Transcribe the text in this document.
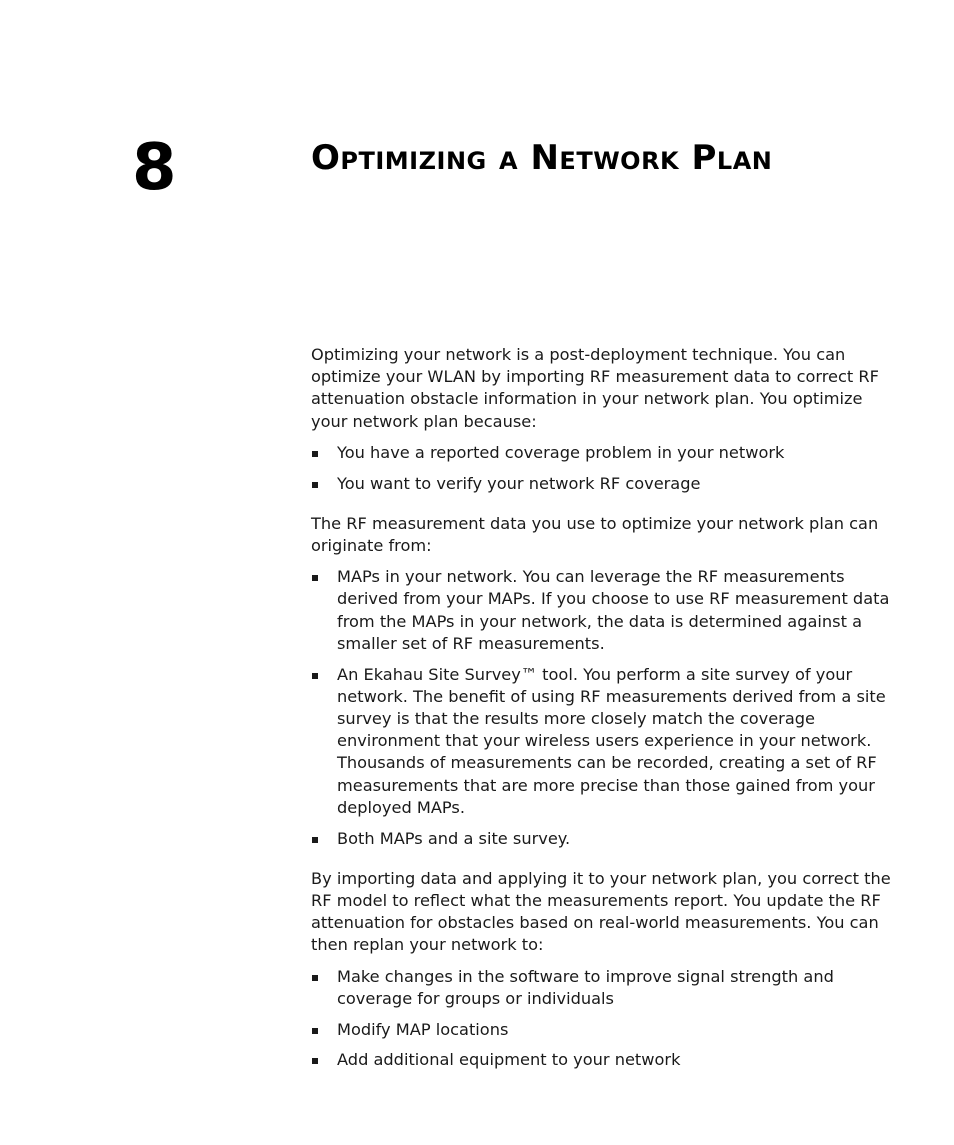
8	Optimizing a Network Plan

Optimizing your network is a post-deployment technique. You can optimize your WLAN by importing RF measurement data to correct RF attenuation obstacle information in your network plan. You optimize your network plan because:

You have a reported coverage problem in your network
You want to verify your network RF coverage

The RF measurement data you use to optimize your network plan can originate from:

MAPs in your network. You can leverage the RF measurements derived from your MAPs. If you choose to use RF measurement data from the MAPs in your network, the data is determined against a smaller set of RF measurements.
An Ekahau Site Survey™ tool. You perform a site survey of your network. The benefit of using RF measurements derived from a site survey is that the results more closely match the coverage environment that your wireless users experience in your network. Thousands of measurements can be recorded, creating a set of RF measurements that are more precise than those gained from your deployed MAPs.
Both MAPs and a site survey.

By importing data and applying it to your network plan, you correct the RF model to reflect what the measurements report. You update the RF attenuation for obstacles based on real-world measurements. You can then replan your network to:

Make changes in the software to improve signal strength and coverage for groups or individuals
Modify MAP locations
Add additional equipment to your network
